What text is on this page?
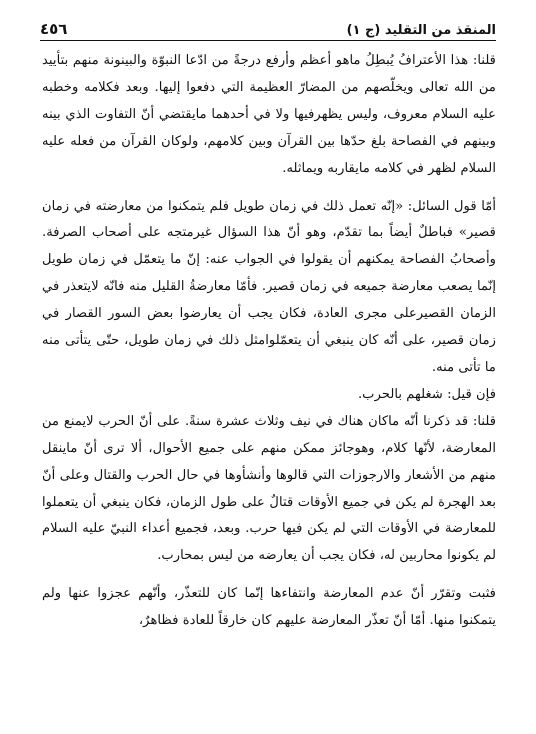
المنقذ من التقليد (ج ١)
٤٥٦

قلنا: هذا الأعترافُ يُبطِلُ ماهو أعظم وأرفع درجةً من ادّعا النبوّة والبينونة منهم بتأييد من الله تعالى ويخلّصهم من المضارّ العظيمة التي دفعوا إليها. وبعد فكلامه وخطبه عليه السلام معروف، وليس يظهرفيها ولا في أحدهما مايقتضي أنّ التفاوت الذي بينه وبينهم في الفصاحة بلغ حدّها بين القرآن وبين كلامهم، ولوكان القرآن من فعله عليه السلام لظهر في كلامه مايقاربه ويماثله.

أمّا قول السائل: «إنّه تعمل ذلك في زمان طويل فلم يتمكنوا من معارضته في زمان قصير» فباطلٌ أيضاً بما تقدّم، وهو أنّ هذا السؤال غيرمتجه على أصحاب الصرفة. وأصحابُ الفصاحة يمكنهم أن يقولوا في الجواب عنه: إنّ ما يتعمّل في زمان طويل إنّما يصعب معارضة جميعه في زمان قصير. فأمّا معارضةُ القليل منه فانّه لايتعذر في الزمان القصيرعلى مجرى العادة، فكان يجب أن يعارضوا بعض السور القصار في زمان قصير، على أنّه كان ينبغي أن يتعمّلوامثل ذلك في زمان طويل، حتّى يتأتى منه ما تأتى منه.

فإن قيل: شغلهم بالحرب.

قلنا: قد ذكرنا أنّه ماكان هناك في نيف وثلاث عشرة سنةً. على أنّ الحرب لايمنع من المعارضة، لأنّها كلام، وهوجائز ممكن منهم على جميع الأحوال، ألا ترى أنّ ماينقل منهم من الأشعار والارجوزات التي قالوها وأنشأوها في حال الحرب والقتال وعلى أنّ بعد الهجرة لم يكن في جميع الأوقات قتالٌ على طول الزمان، فكان ينبغي أن يتعملوا للمعارضة في الأوقات التي لم يكن فيها حرب. وبعد، فجميع أعداء النبيّ عليه السلام لم يكونوا محاربين له، فكان يجب أن يعارضه من ليس بمحارب.

فثبت وتقرّر أنّ عدم المعارضة وانتفاءها إنّما كان للتعذّر، وأنّهم عجزوا عنها ولم يتمكنوا منها. أمّا أنّ تعذّر المعارضة عليهم كان خارقاً للعادة فظاهرٌ،
